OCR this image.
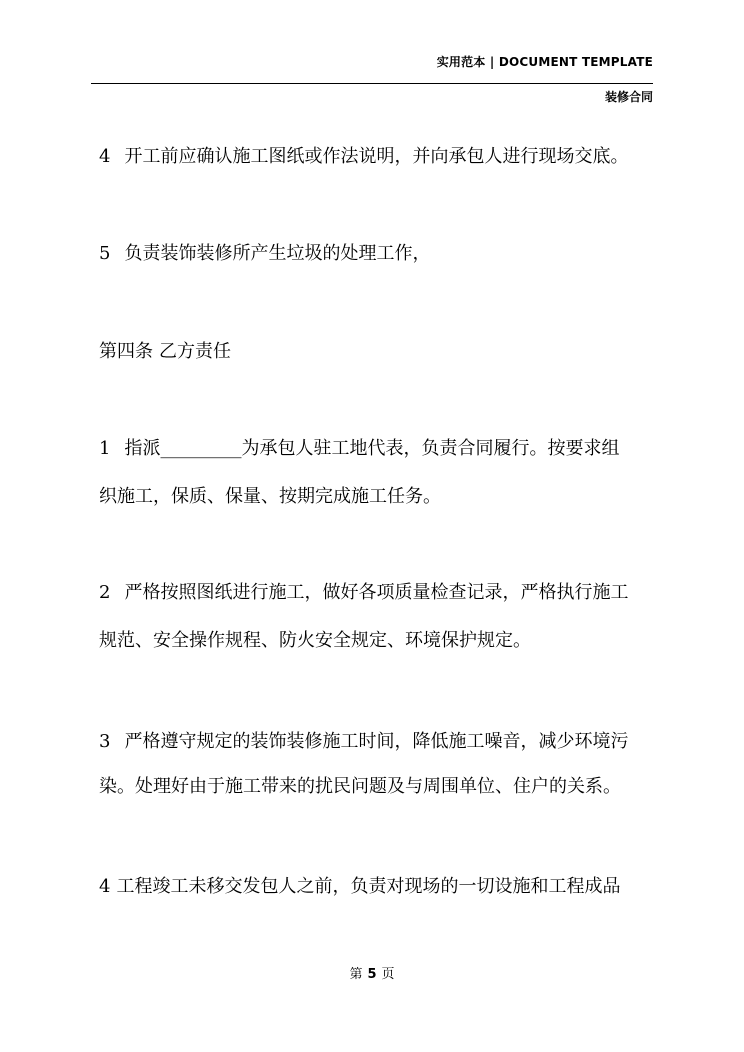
实用范本 | DOCUMENT TEMPLATE
装修合同
4 开工前应确认施工图纸或作法说明，并向承包人进行现场交底。
5 负责装饰装修所产生垃圾的处理工作，
第四条 乙方责任
1 指派_________为承包人驻工地代表，负责合同履行。按要求组
织施工，保质、保量、按期完成施工任务。
2 严格按照图纸进行施工，做好各项质量检查记录，严格执行施工
规范、安全操作规程、防火安全规定、环境保护规定。
3 严格遵守规定的装饰装修施工时间，降低施工噪音，减少环境污
染。处理好由于施工带来的扰民问题及与周围单位、住户的关系。
4 工程竣工未移交发包人之前，负责对现场的一切设施和工程成品
第 5 页
